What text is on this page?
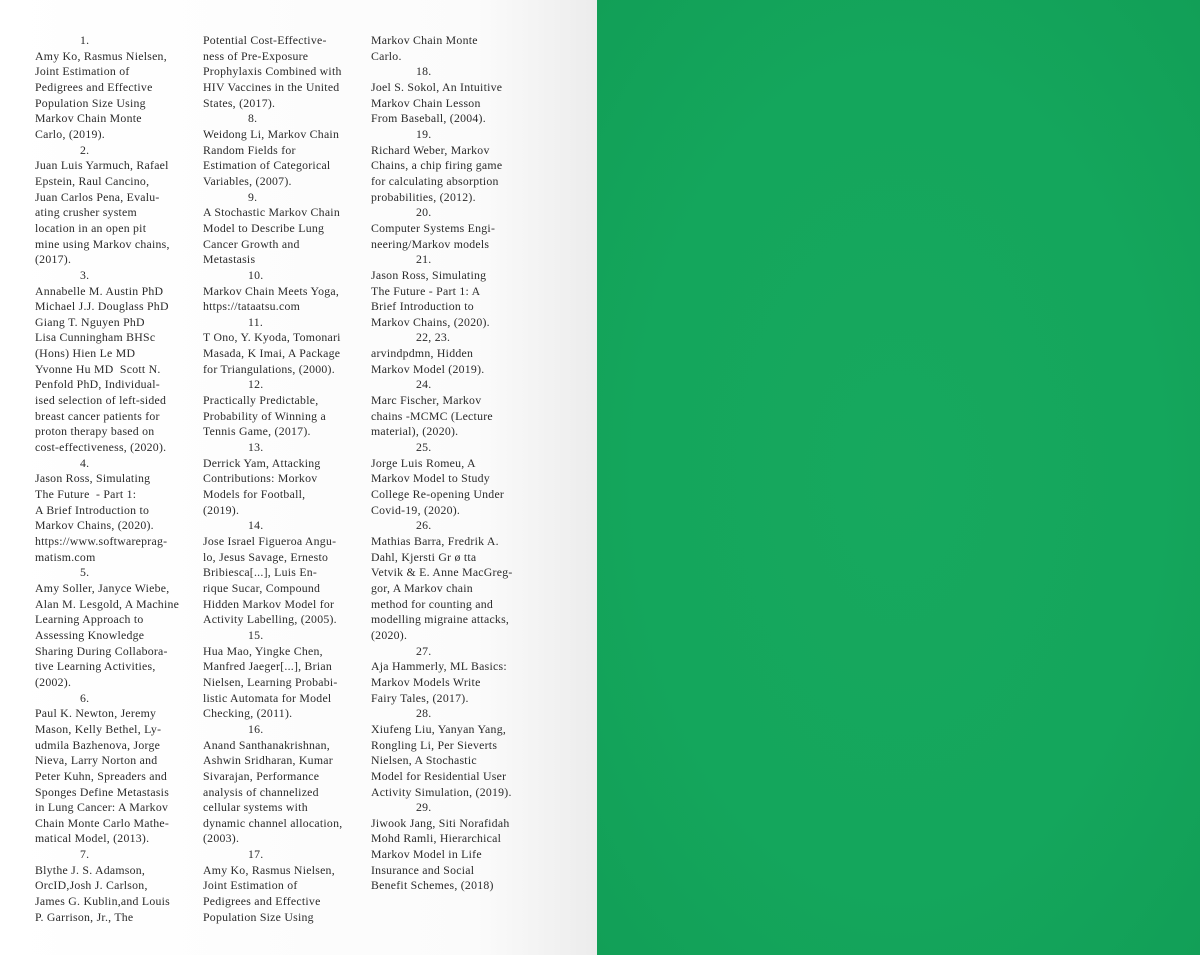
1.
Amy Ko, Rasmus Nielsen,
Joint Estimation of
Pedigrees and Effective
Population Size Using
Markov Chain Monte
Carlo, (2019).
2.
Juan Luis Yarmuch, Rafael
Epstein, Raul Cancino,
Juan Carlos Pena, Evalu-
ating crusher system
location in an open pit
mine using Markov chains,
(2017).
3.
Annabelle M. Austin PhD
Michael J.J. Douglass PhD
Giang T. Nguyen PhD
Lisa Cunningham BHSc
(Hons) Hien Le MD
Yvonne Hu MD  Scott N.
Penfold PhD, Individual-
ised selection of left-sided
breast cancer patients for
proton therapy based on
cost-effectiveness, (2020).
4.
Jason Ross, Simulating
The Future  - Part 1:
A Brief Introduction to
Markov Chains, (2020).
https://www.softwareprag-
matism.com
5.
Amy Soller, Janyce Wiebe,
Alan M. Lesgold, A Machine
Learning Approach to
Assessing Knowledge
Sharing During Collabora-
tive Learning Activities,
(2002).
6.
Paul K. Newton, Jeremy
Mason, Kelly Bethel, Ly-
udmila Bazhenova, Jorge
Nieva, Larry Norton and
Peter Kuhn, Spreaders and
Sponges Define Metastasis
in Lung Cancer: A Markov
Chain Monte Carlo Mathe-
matical Model, (2013).
7.
Blythe J. S. Adamson,
OrcID,Josh J. Carlson,
James G. Kublin,and Louis
P. Garrison, Jr., The
Potential Cost-Effective-
ness of Pre-Exposure
Prophylaxis Combined with
HIV Vaccines in the United
States, (2017).
8.
Weidong Li, Markov Chain
Random Fields for
Estimation of Categorical
Variables, (2007).
9.
A Stochastic Markov Chain
Model to Describe Lung
Cancer Growth and
Metastasis
10.
Markov Chain Meets Yoga,
https://tataatsu.com
11.
T Ono, Y. Kyoda, Tomonari
Masada, K Imai, A Package
for Triangulations, (2000).
12.
Practically Predictable,
Probability of Winning a
Tennis Game, (2017).
13.
Derrick Yam, Attacking
Contributions: Morkov
Models for Football,
(2019).
14.
Jose Israel Figueroa Angu-
lo, Jesus Savage, Ernesto
Bribiesca[...], Luis En-
rique Sucar, Compound
Hidden Markov Model for
Activity Labelling, (2005).
15.
Hua Mao, Yingke Chen,
Manfred Jaeger[...], Brian
Nielsen, Learning Probabi-
listic Automata for Model
Checking, (2011).
16.
Anand Santhanakrishnan,
Ashwin Sridharan, Kumar
Sivarajan, Performance
analysis of channelized
cellular systems with
dynamic channel allocation,
(2003).
17.
Amy Ko, Rasmus Nielsen,
Joint Estimation of
Pedigrees and Effective
Population Size Using
Markov Chain Monte
Carlo.
18.
Joel S. Sokol, An Intuitive
Markov Chain Lesson
From Baseball, (2004).
19.
Richard Weber, Markov
Chains, a chip firing game
for calculating absorption
probabilities, (2012).
20.
Computer Systems Engi-
neering/Markov models
21.
Jason Ross, Simulating
The Future - Part 1: A
Brief Introduction to
Markov Chains, (2020).
22, 23.
arvindpdmn, Hidden
Markov Model (2019).
24.
Marc Fischer, Markov
chains -MCMC (Lecture
material), (2020).
25.
Jorge Luis Romeu, A
Markov Model to Study
College Re-opening Under
Covid-19, (2020).
26.
Mathias Barra, Fredrik A.
Dahl, Kjersti Gr ø tta
Vetvik & E. Anne MacGreg-
gor, A Markov chain
method for counting and
modelling migraine attacks,
(2020).
27.
Aja Hammerly, ML Basics:
Markov Models Write
Fairy Tales, (2017).
28.
Xiufeng Liu, Yanyan Yang,
Rongling Li, Per Sieverts
Nielsen, A Stochastic
Model for Residential User
Activity Simulation, (2019).
29.
Jiwook Jang, Siti Norafidah
Mohd Ramli, Hierarchical
Markov Model in Life
Insurance and Social
Benefit Schemes, (2018)
